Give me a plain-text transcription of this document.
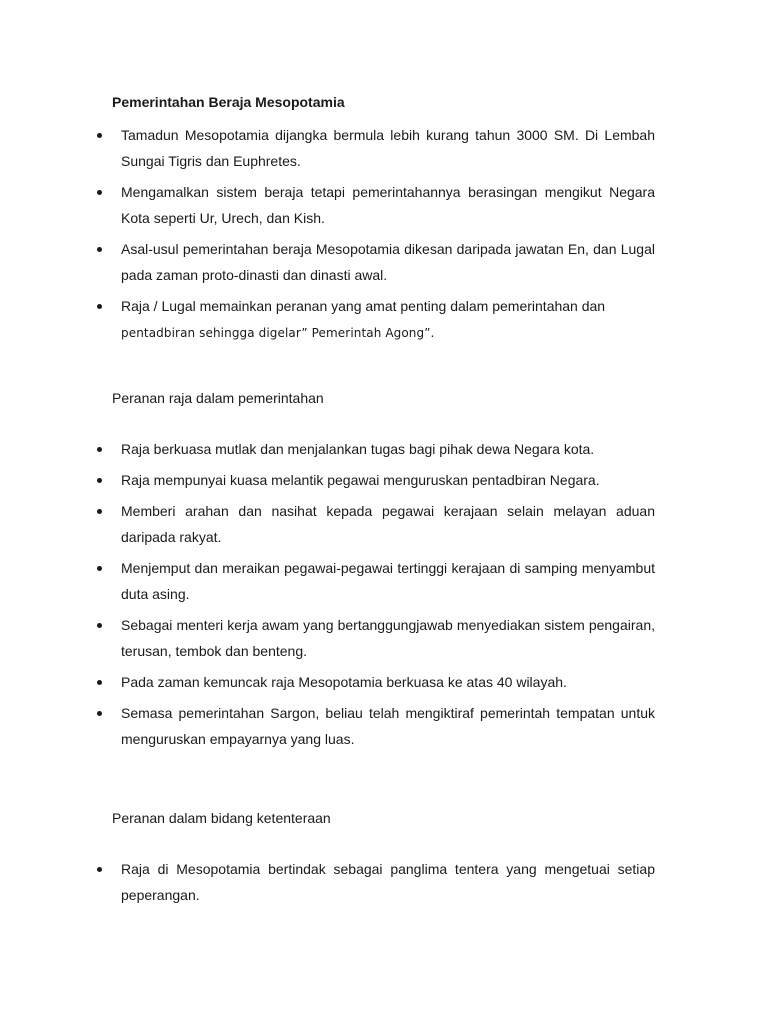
Pemerintahan Beraja Mesopotamia
Tamadun Mesopotamia dijangka bermula lebih kurang tahun 3000 SM. Di Lembah Sungai Tigris dan Euphretes.
Mengamalkan sistem beraja tetapi pemerintahannya berasingan mengikut Negara Kota seperti Ur, Urech, dan Kish.
Asal-usul pemerintahan beraja Mesopotamia dikesan daripada jawatan En, dan Lugal pada zaman proto-dinasti dan dinasti awal.
Raja / Lugal memainkan peranan yang amat penting dalam pemerintahan dan
pentadbiran sehingga digelar” Pemerintah Agong”.
Peranan raja dalam pemerintahan
Raja berkuasa mutlak dan menjalankan tugas bagi pihak dewa Negara kota.
Raja mempunyai kuasa melantik pegawai menguruskan pentadbiran Negara.
Memberi arahan dan nasihat kepada pegawai kerajaan selain melayan aduan daripada rakyat.
Menjemput dan meraikan pegawai-pegawai tertinggi kerajaan di samping menyambut duta asing.
Sebagai menteri kerja awam yang bertanggungjawab menyediakan sistem pengairan, terusan, tembok dan benteng.
Pada zaman kemuncak raja Mesopotamia berkuasa ke atas 40 wilayah.
Semasa pemerintahan Sargon, beliau telah mengiktiraf pemerintah tempatan untuk menguruskan empayarnya yang luas.
Peranan dalam bidang ketenteraan
Raja di Mesopotamia bertindak sebagai panglima tentera yang mengetuai setiap peperangan.
